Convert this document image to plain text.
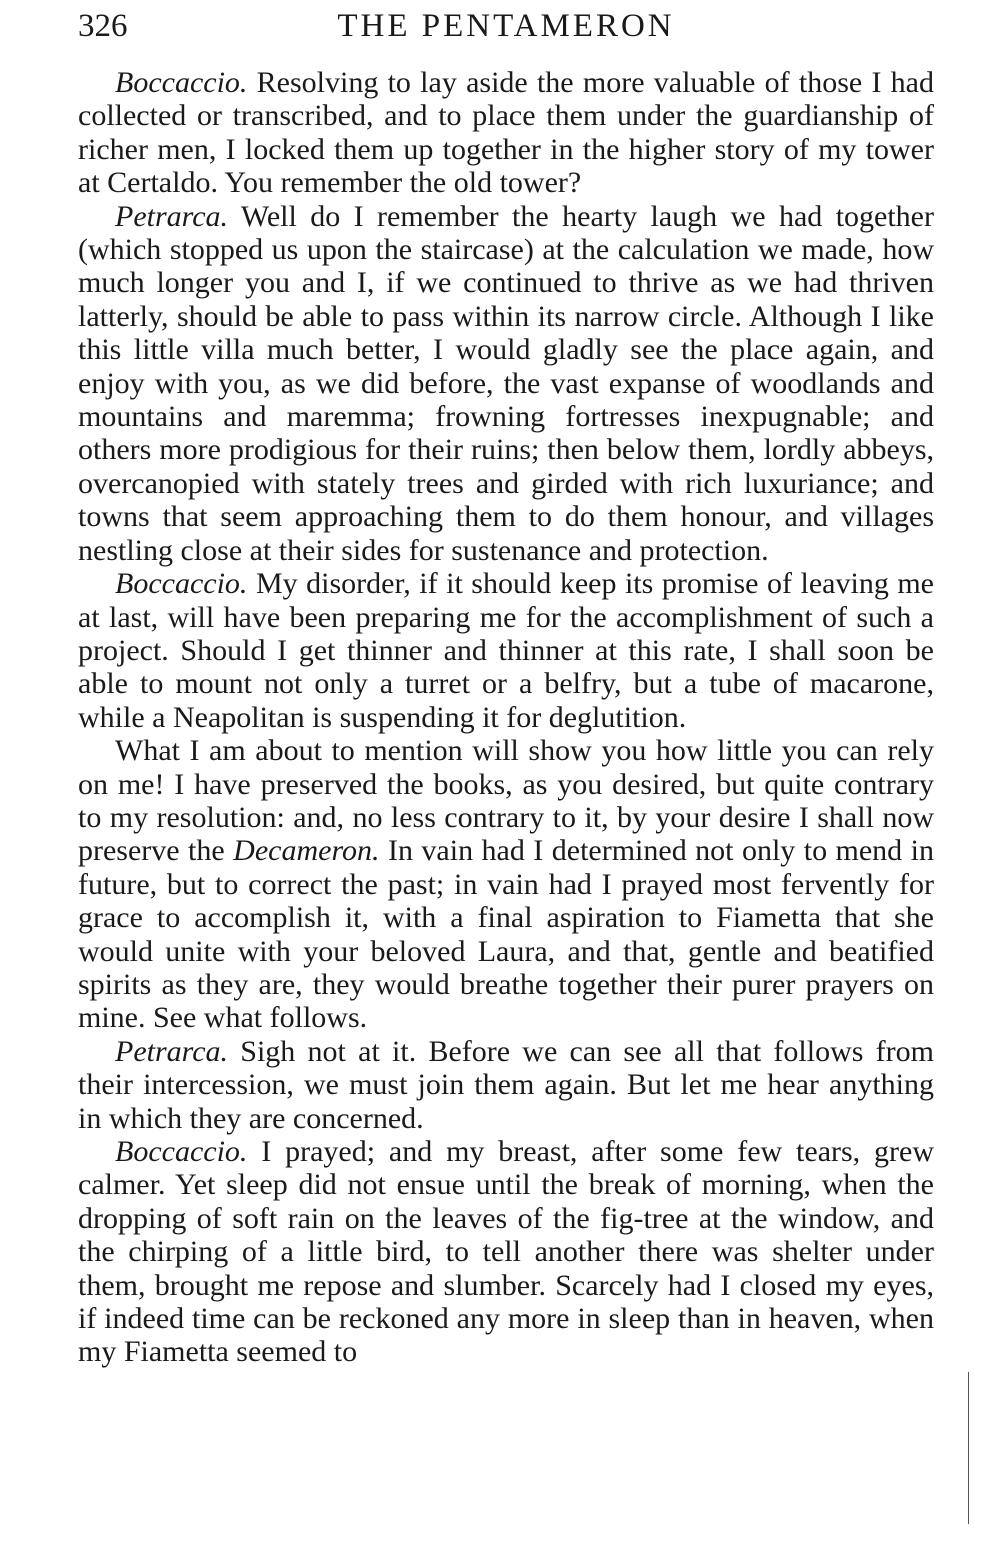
326	THE PENTAMERON

Boccaccio. Resolving to lay aside the more valuable of those I had collected or transcribed, and to place them under the guardianship of richer men, I locked them up together in the higher story of my tower at Certaldo. You remember the old tower?

Petrarca. Well do I remember the hearty laugh we had together (which stopped us upon the staircase) at the calculation we made, how much longer you and I, if we continued to thrive as we had thriven latterly, should be able to pass within its narrow circle. Although I like this little villa much better, I would gladly see the place again, and enjoy with you, as we did before, the vast expanse of woodlands and mountains and maremma; frowning fortresses inexpugnable; and others more prodigious for their ruins; then below them, lordly abbeys, overcanopied with stately trees and girded with rich luxuriance; and towns that seem approaching them to do them honour, and villages nestling close at their sides for sustenance and protection.

Boccaccio. My disorder, if it should keep its promise of leaving me at last, will have been preparing me for the accomplishment of such a project. Should I get thinner and thinner at this rate, I shall soon be able to mount not only a turret or a belfry, but a tube of macarone, while a Neapolitan is suspending it for deglutition.

What I am about to mention will show you how little you can rely on me! I have preserved the books, as you desired, but quite contrary to my resolution: and, no less contrary to it, by your desire I shall now preserve the Decameron. In vain had I determined not only to mend in future, but to correct the past; in vain had I prayed most fervently for grace to accomplish it, with a final aspiration to Fiametta that she would unite with your beloved Laura, and that, gentle and beatified spirits as they are, they would breathe together their purer prayers on mine. See what follows.

Petrarca. Sigh not at it. Before we can see all that follows from their intercession, we must join them again. But let me hear anything in which they are concerned.

Boccaccio. I prayed; and my breast, after some few tears, grew calmer. Yet sleep did not ensue until the break of morning, when the dropping of soft rain on the leaves of the fig-tree at the window, and the chirping of a little bird, to tell another there was shelter under them, brought me repose and slumber. Scarcely had I closed my eyes, if indeed time can be reckoned any more in sleep than in heaven, when my Fiametta seemed to
